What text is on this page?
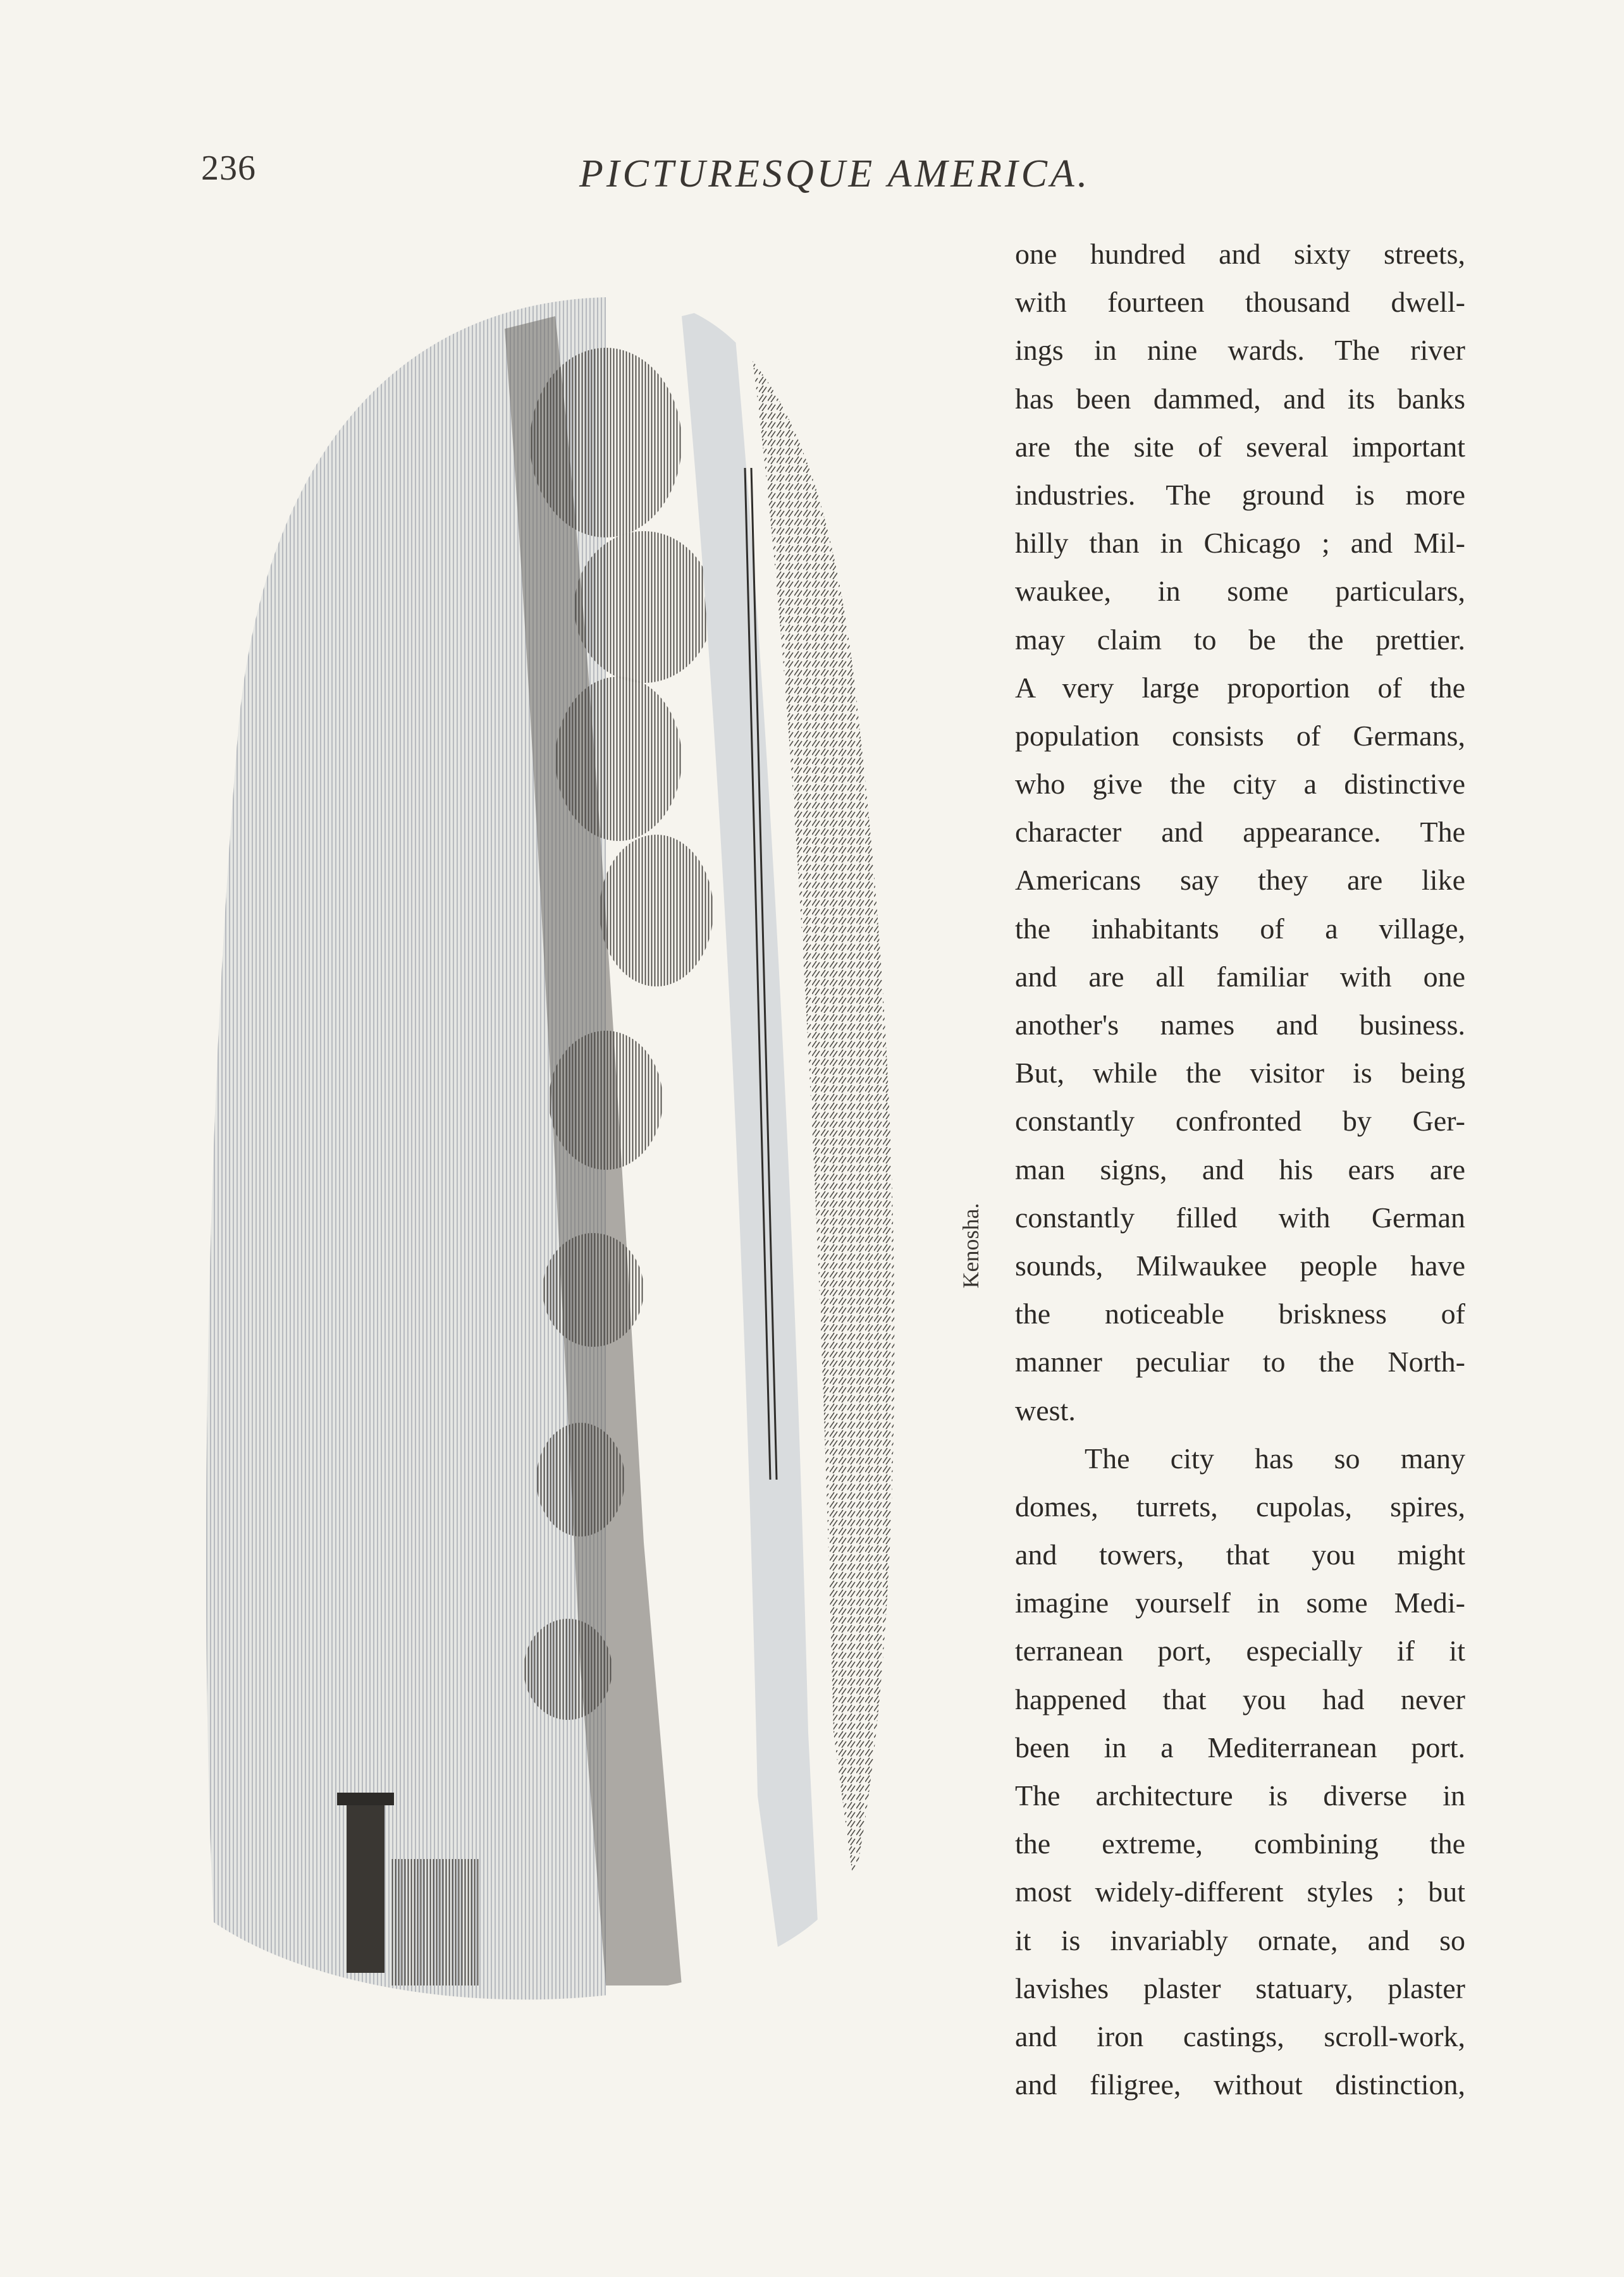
236	PICTURESQUE AMERICA.
Kenosha.
one hundred and sixty streets,
with fourteen thousand dwell-
ings in nine wards. The river
has been dammed, and its banks
are the site of several important
industries. The ground is more
hilly than in Chicago ; and Mil-
waukee, in some particulars,
may claim to be the prettier.
A very large proportion of the
population consists of Germans,
who give the city a distinctive
character and appearance. The
Americans say they are like
the inhabitants of a village,
and are all familiar with one
another's names and business.
But, while the visitor is being
constantly confronted by Ger-
man signs, and his ears are
constantly filled with German
sounds, Milwaukee people have
the noticeable briskness of
manner peculiar to the North-
west.
The city has so many
domes, turrets, cupolas, spires,
and towers, that you might
imagine yourself in some Medi-
terranean port, especially if it
happened that you had never
been in a Mediterranean port.
The architecture is diverse in
the extreme, combining the
most widely-different styles ; but
it is invariably ornate, and so
lavishes plaster statuary, plaster
and iron castings, scroll-work,
and filigree, without distinction,
